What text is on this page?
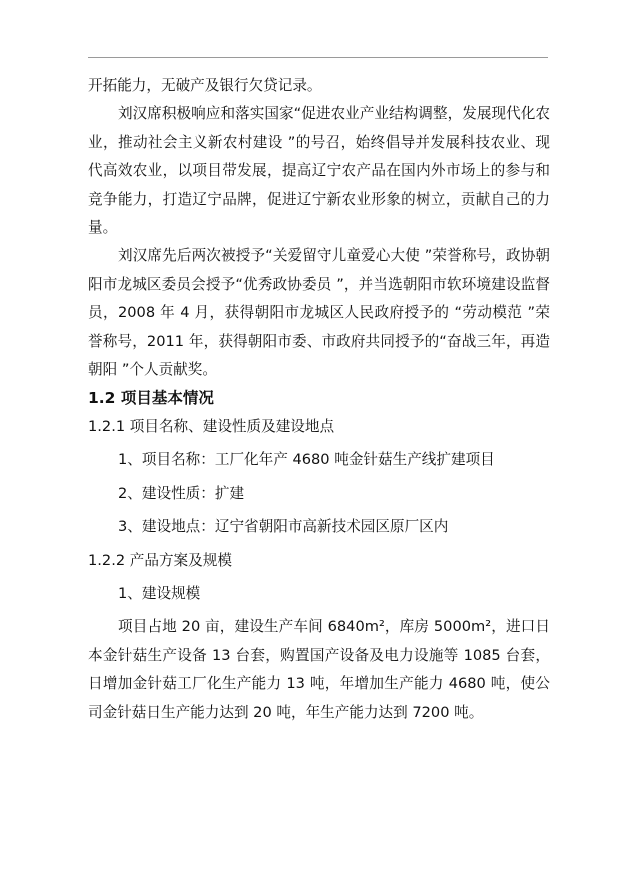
开拓能力，无破产及银行欠贷记录。

刘汉席积极响应和落实国家“促进农业产业结构调整，发展现代化农业，推动社会主义新农村建设 ”的号召，始终倡导并发展科技农业、现代高效农业，以项目带发展，提高辽宁农产品在国内外市场上的参与和竞争能力，打造辽宁品牌，促进辽宁新农业形象的树立，贡献自己的力量。

刘汉席先后两次被授予“关爱留守儿童爱心大使 ”荣誉称号，政协朝阳市龙城区委员会授予“优秀政协委员 ”，并当选朝阳市软环境建设监督员，2008 年 4 月，获得朝阳市龙城区人民政府授予的 “劳动模范 ”荣誉称号，2011 年，获得朝阳市委、市政府共同授予的“奋战三年，再造朝阳 ”个人贡献奖。

1.2 项目基本情况

1.2.1 项目名称、建设性质及建设地点

1、项目名称：工厂化年产 4680 吨金针菇生产线扩建项目

2、建设性质：扩建

3、建设地点：辽宁省朝阳市高新技术园区原厂区内

1.2.2 产品方案及规模

1、建设规模

项目占地 20 亩，建设生产车间 6840m²，库房 5000m²，进口日本金针菇生产设备 13 台套，购置国产设备及电力设施等 1085 台套，日增加金针菇工厂化生产能力 13 吨，年增加生产能力 4680 吨，使公司金针菇日生产能力达到 20 吨，年生产能力达到 7200 吨。
